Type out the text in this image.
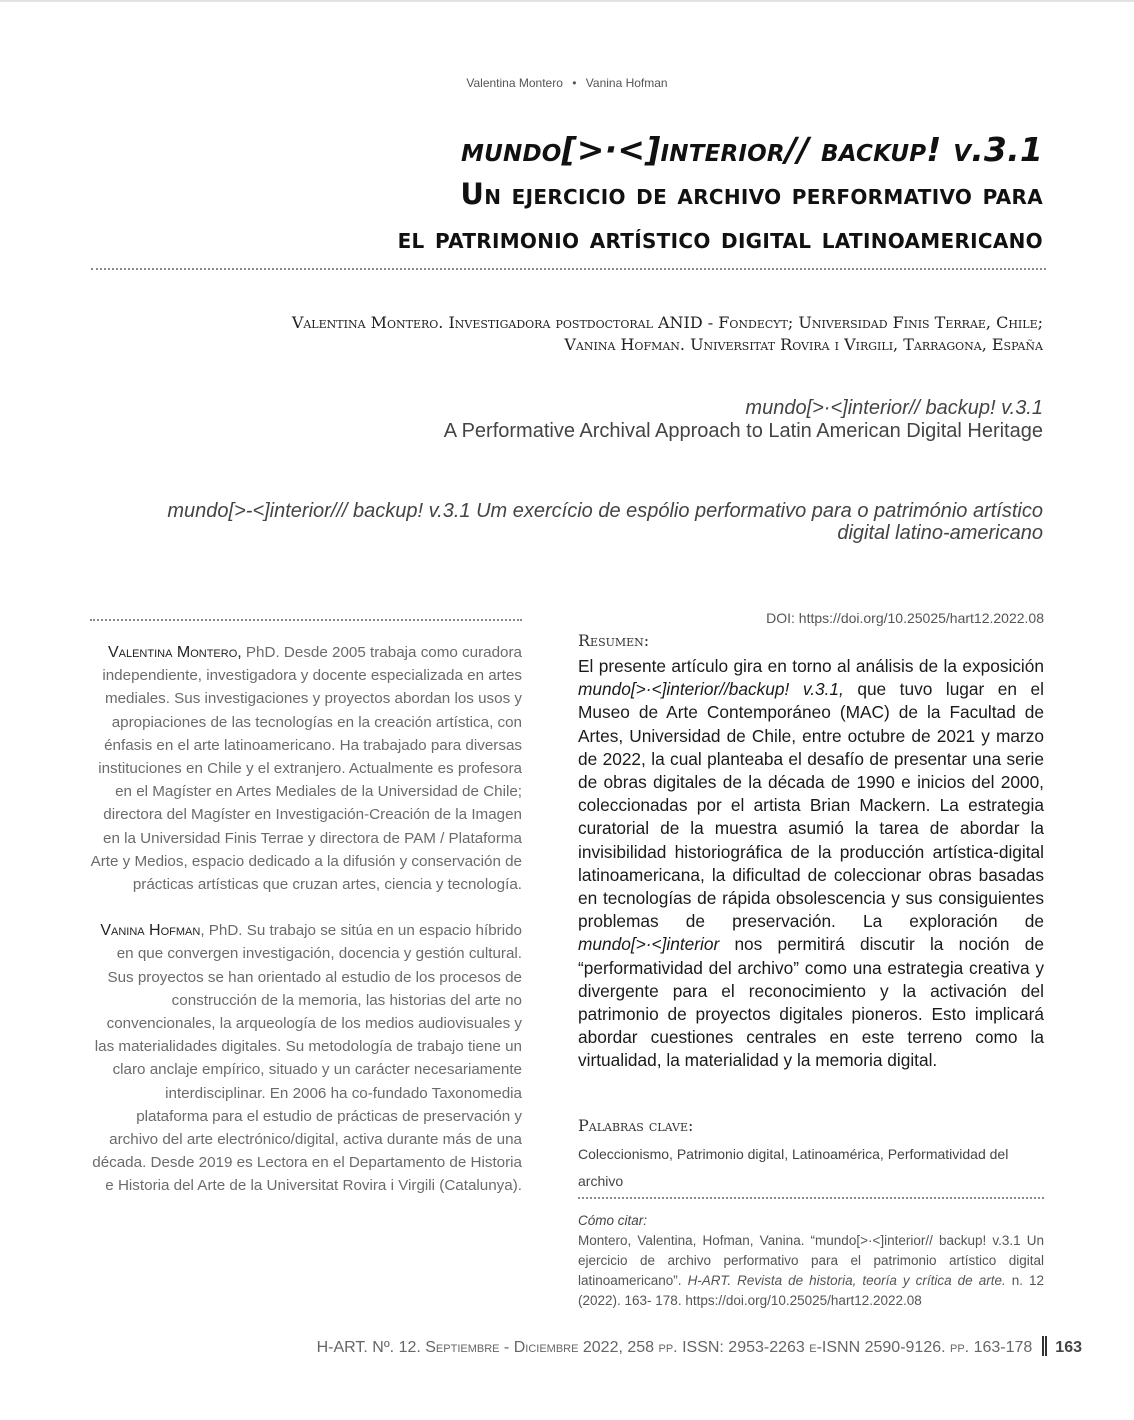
Valentina Montero • Vanina Hofman
mundo[>·<]interior// backup! v.3.1
Un ejercicio de archivo performativo para
el patrimonio artístico digital latinoamericano
Valentina Montero. Investigadora postdoctoral ANID - Fondecyt; Universidad Finis Terrae, Chile;
Vanina Hofman. Universitat Rovira i Virgili, Tarragona, España
mundo[>·<]interior// backup! v.3.1
A Performative Archival Approach to Latin American Digital Heritage
mundo[>-<]interior/// backup! v.3.1 Um exercício de espólio performativo para o património artístico
digital latino-americano

Valentina Montero, PhD. Desde 2005 trabaja como curadora independiente, investigadora y docente especializada en artes mediales. Sus investigaciones y proyectos abordan los usos y apropiaciones de las tecnologías en la creación artística, con énfasis en el arte latinoamericano. Ha trabajado para diversas instituciones en Chile y el extranjero. Actualmente es profesora en el Magíster en Artes Mediales de la Universidad de Chile; directora del Magíster en Investigación-Creación de la Imagen en la Universidad Finis Terrae y directora de PAM / Plataforma Arte y Medios, espacio dedicado a la difusión y conservación de prácticas artísticas que cruzan artes, ciencia y tecnología.

Vanina Hofman, PhD. Su trabajo se sitúa en un espacio híbrido en que convergen investigación, docencia y gestión cultural. Sus proyectos se han orientado al estudio de los procesos de construcción de la memoria, las historias del arte no convencionales, la arqueología de los medios audiovisuales y las materialidades digitales. Su metodología de trabajo tiene un claro anclaje empírico, situado y un carácter necesariamente interdisciplinar. En 2006 ha co-fundado Taxonomedia plataforma para el estudio de prácticas de preservación y archivo del arte electrónico/digital, activa durante más de una década. Desde 2019 es Lectora en el Departamento de Historia e Historia del Arte de la Universitat Rovira i Virgili (Catalunya).

DOI: https://doi.org/10.25025/hart12.2022.08
Resumen:
El presente artículo gira en torno al análisis de la exposición mundo[>·<]interior//backup! v.3.1, que tuvo lugar en el Museo de Arte Contemporáneo (MAC) de la Facultad de Artes, Universidad de Chile, entre octubre de 2021 y marzo de 2022, la cual planteaba el desafío de presentar una serie de obras digitales de la década de 1990 e inicios del 2000, coleccionadas por el artista Brian Mackern. La estrategia curatorial de la muestra asumió la tarea de abordar la invisibilidad historiográfica de la producción artística-digital latinoamericana, la dificultad de coleccionar obras basadas en tecnologías de rápida obsolescencia y sus consiguientes problemas de preservación. La exploración de mundo[>·<]interior nos permitirá discutir la noción de “performatividad del archivo” como una estrategia creativa y divergente para el reconocimiento y la activación del patrimonio de proyectos digitales pioneros. Esto implicará abordar cuestiones centrales en este terreno como la virtualidad, la materialidad y la memoria digital.
Palabras clave:
Coleccionismo, Patrimonio digital, Latinoamérica, Performatividad del archivo
Cómo citar:
Montero, Valentina, Hofman, Vanina. “mundo[>·<]interior// backup! v.3.1 Un ejercicio de archivo performativo para el patrimonio artístico digital latinoamericano”. H-ART. Revista de historia, teoría y crítica de arte. n. 12 (2022). 163- 178. https://doi.org/10.25025/hart12.2022.08
H-ART. Nº. 12. Septiembre - Diciembre 2022, 258 pp. ISSN: 2953-2263 e-ISNN 2590-9126. pp. 163-178 163
